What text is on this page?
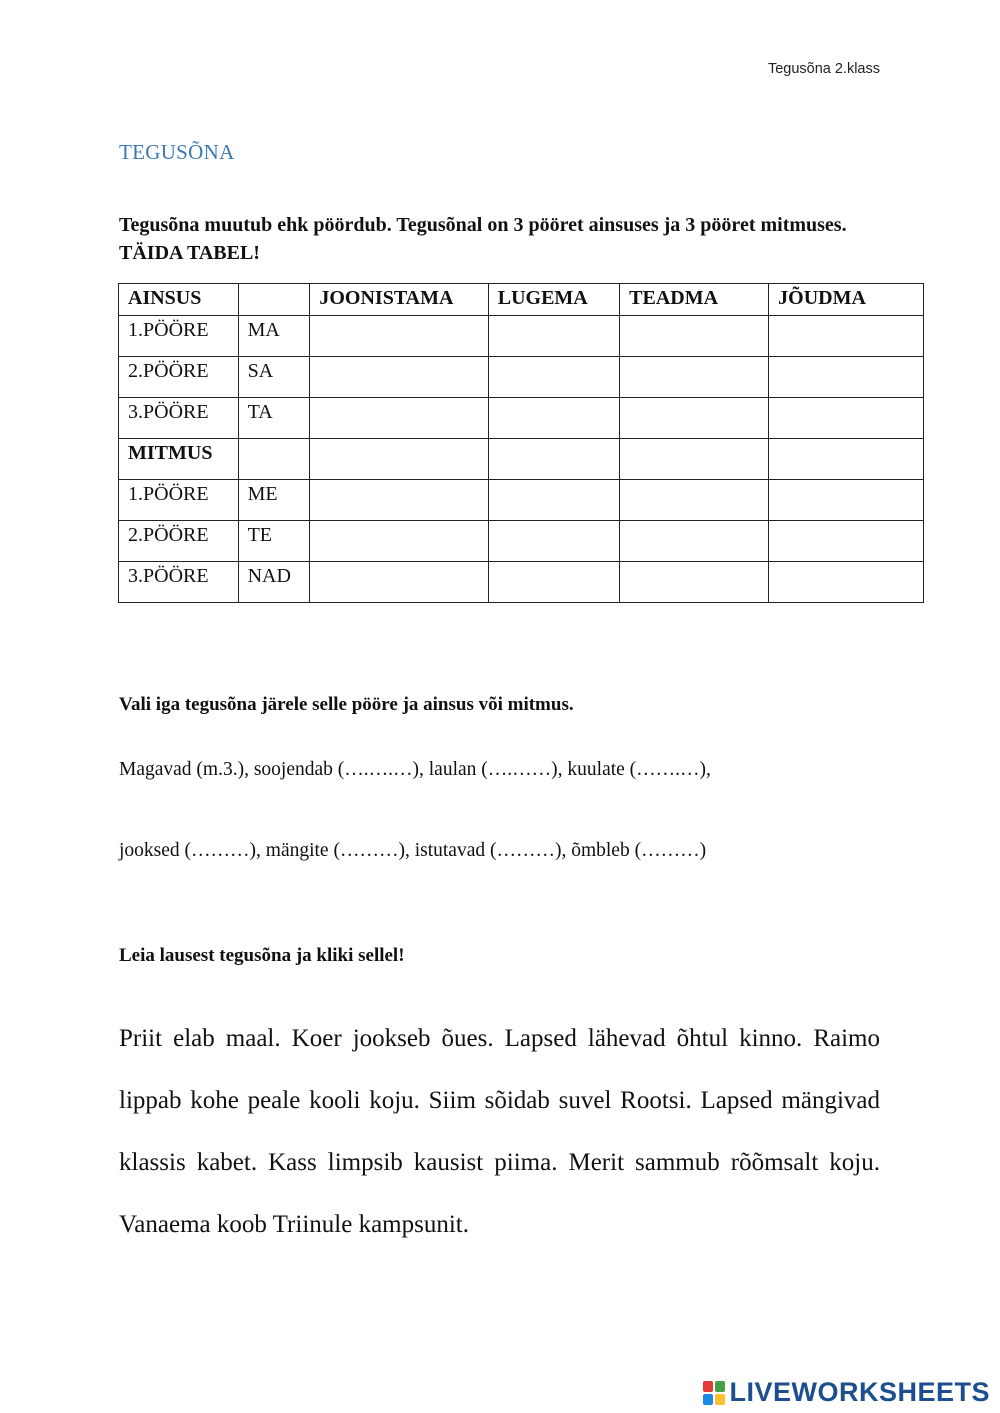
Tegusõna 2.klass
TEGUSÕNA
Tegusõna muutub ehk pöördub. Tegusõnal on 3 pööret ainsuses ja 3 pööret mitmuses. TÄIDA TABEL!
AINSUS		JOONISTAMA	LUGEMA	TEADMA	JÕUDMA
1.PÖÖRE	MA				
2.PÖÖRE	SA				
3.PÖÖRE	TA				
MITMUS					
1.PÖÖRE	ME				
2.PÖÖRE	TE				
3.PÖÖRE	NAD				
Vali iga tegusõna järele selle pööre ja ainsus või mitmus.
Magavad (m.3.), soojendab (….….…), laulan (….……), kuulate (…….…),
jooksed (………), mängite (………), istutavad (………), õmbleb (………)
Leia lausest tegusõna ja kliki sellel!
Priit elab maal. Koer jookseb õues. Lapsed lähevad õhtul kinno. Raimo lippab kohe peale kooli koju. Siim sõidab suvel Rootsi. Lapsed mängivad klassis kabet. Kass limpsib kausist piima. Merit sammub rõõmsalt koju. Vanaema koob Triinule kampsunit.
LIVEWORKSHEETS
